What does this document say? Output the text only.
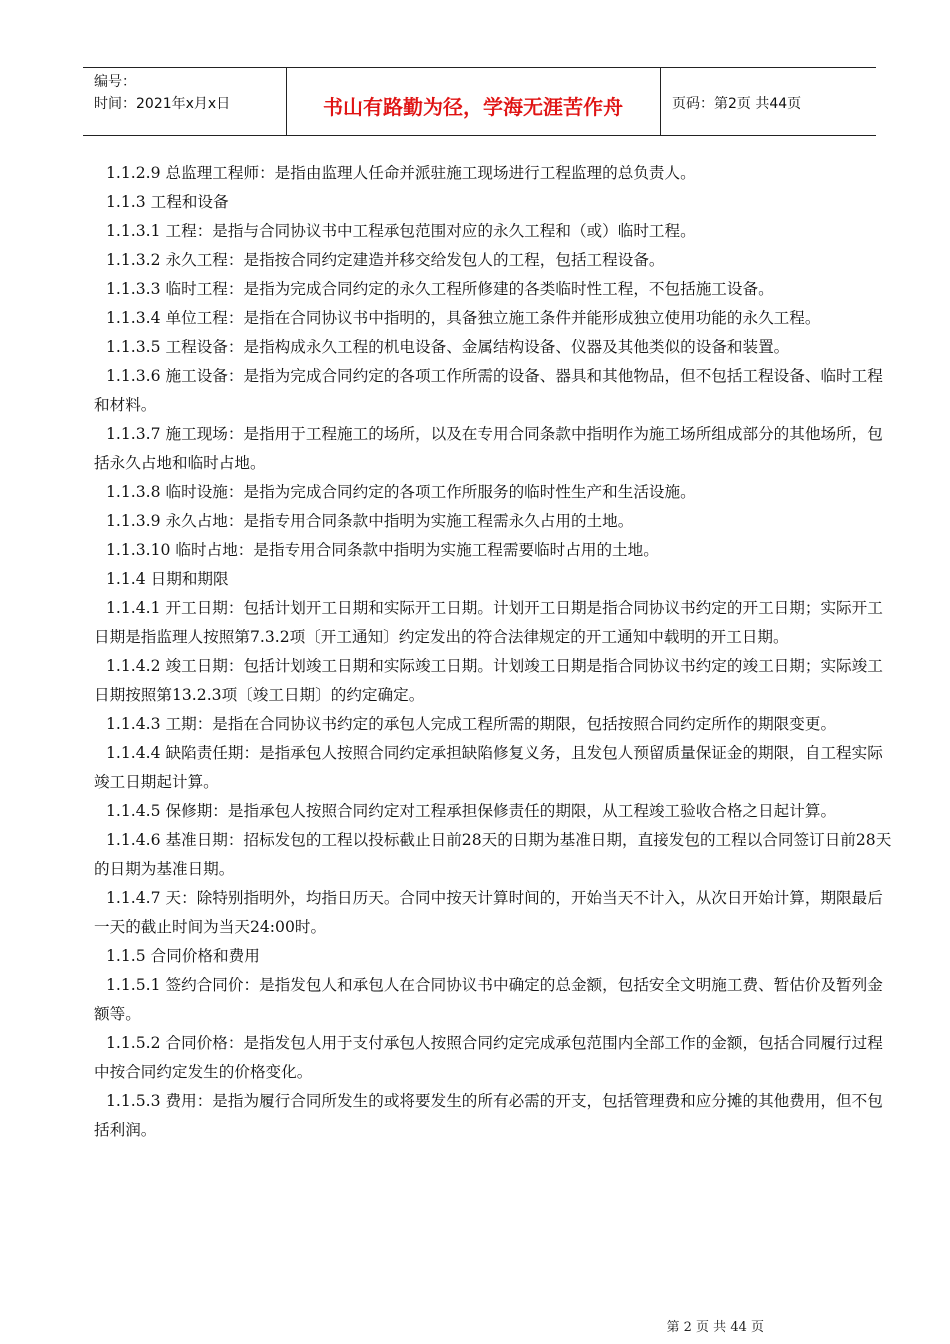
编号：
时间：2021年x月x日	书山有路勤为径，学海无涯苦作舟	页码：第2页 共44页

1.1.2.9 总监理工程师：是指由监理人任命并派驻施工现场进行工程监理的总负责人。

1.1.3 工程和设备

1.1.3.1 工程：是指与合同协议书中工程承包范围对应的永久工程和（或）临时工程。

1.1.3.2 永久工程：是指按合同约定建造并移交给发包人的工程，包括工程设备。

1.1.3.3 临时工程：是指为完成合同约定的永久工程所修建的各类临时性工程，不包括施工设备。

1.1.3.4 单位工程：是指在合同协议书中指明的，具备独立施工条件并能形成独立使用功能的永久工程。

1.1.3.5 工程设备：是指构成永久工程的机电设备、金属结构设备、仪器及其他类似的设备和装置。

1.1.3.6 施工设备：是指为完成合同约定的各项工作所需的设备、器具和其他物品，但不包括工程设备、临时工程和材料。

1.1.3.7 施工现场：是指用于工程施工的场所，以及在专用合同条款中指明作为施工场所组成部分的其他场所，包括永久占地和临时占地。

1.1.3.8 临时设施：是指为完成合同约定的各项工作所服务的临时性生产和生活设施。

1.1.3.9 永久占地：是指专用合同条款中指明为实施工程需永久占用的土地。

1.1.3.10 临时占地：是指专用合同条款中指明为实施工程需要临时占用的土地。

1.1.4 日期和期限

1.1.4.1 开工日期：包括计划开工日期和实际开工日期。计划开工日期是指合同协议书约定的开工日期；实际开工日期是指监理人按照第7.3.2项〔开工通知〕约定发出的符合法律规定的开工通知中载明的开工日期。

1.1.4.2 竣工日期：包括计划竣工日期和实际竣工日期。计划竣工日期是指合同协议书约定的竣工日期；实际竣工日期按照第13.2.3项〔竣工日期〕的约定确定。

1.1.4.3 工期：是指在合同协议书约定的承包人完成工程所需的期限，包括按照合同约定所作的期限变更。

1.1.4.4 缺陷责任期：是指承包人按照合同约定承担缺陷修复义务，且发包人预留质量保证金的期限，自工程实际竣工日期起计算。

1.1.4.5 保修期：是指承包人按照合同约定对工程承担保修责任的期限，从工程竣工验收合格之日起计算。

1.1.4.6 基准日期：招标发包的工程以投标截止日前28天的日期为基准日期，直接发包的工程以合同签订日前28天的日期为基准日期。

1.1.4.7 天：除特别指明外，均指日历天。合同中按天计算时间的，开始当天不计入，从次日开始计算，期限最后一天的截止时间为当天24:00时。

1.1.5 合同价格和费用

1.1.5.1 签约合同价：是指发包人和承包人在合同协议书中确定的总金额，包括安全文明施工费、暂估价及暂列金额等。

1.1.5.2 合同价格：是指发包人用于支付承包人按照合同约定完成承包范围内全部工作的金额，包括合同履行过程中按合同约定发生的价格变化。

1.1.5.3 费用：是指为履行合同所发生的或将要发生的所有必需的开支，包括管理费和应分摊的其他费用，但不包括利润。

第 2 页 共 44 页
